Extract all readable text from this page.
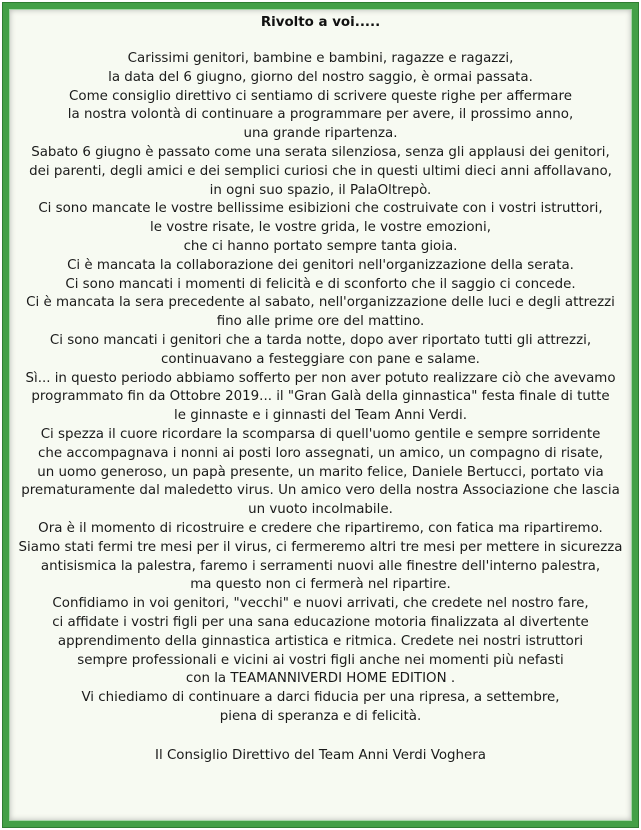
Rivolto a voi.....

Carissimi genitori, bambine e bambini, ragazze e ragazzi,

la data del 6 giugno, giorno del nostro saggio, è ormai passata.

Come consiglio direttivo ci sentiamo di scrivere queste righe per affermare

la nostra volontà di continuare a programmare per avere, il prossimo anno,

una grande ripartenza.

Sabato 6 giugno è passato come una serata silenziosa, senza gli applausi dei genitori,

dei parenti, degli amici e dei semplici curiosi che in questi ultimi dieci anni affollavano,

in ogni suo spazio, il PalaOltrepò.

Ci sono mancate le vostre bellissime esibizioni che costruivate con i vostri istruttori,

le vostre risate, le vostre grida, le vostre emozioni,

che ci hanno portato sempre tanta gioia.

Ci è mancata la collaborazione dei genitori nell'organizzazione della serata.

Ci sono mancati i momenti di felicità e di sconforto che il saggio ci concede.

Ci è mancata la sera precedente al sabato, nell'organizzazione delle luci e degli attrezzi

fino alle prime ore del mattino.

Ci sono mancati i genitori che a tarda notte, dopo aver riportato tutti gli attrezzi,

continuavano a festeggiare con pane e salame.

Sì... in questo periodo abbiamo sofferto per non aver potuto realizzare ciò che avevamo

programmato fin da Ottobre 2019... il "Gran Galà della ginnastica" festa finale di tutte

le ginnaste e i ginnasti del Team Anni Verdi.

Ci spezza il cuore ricordare la scomparsa di quell'uomo gentile e sempre sorridente

che accompagnava i nonni ai posti loro assegnati, un amico, un compagno di risate,

un uomo generoso, un papà presente, un marito felice, Daniele Bertucci, portato via

prematuramente dal maledetto virus. Un amico vero della nostra Associazione che lascia

un vuoto incolmabile.

Ora è il momento di ricostruire e credere che ripartiremo, con fatica ma ripartiremo.

Siamo stati fermi tre mesi per il virus, ci fermeremo altri tre mesi per mettere in sicurezza

antisismica la palestra, faremo i serramenti nuovi alle finestre dell'interno palestra,

ma questo non ci fermerà nel ripartire.

Confidiamo in voi genitori, "vecchi" e nuovi arrivati, che credete nel nostro fare,

ci affidate i vostri figli per una sana educazione motoria finalizzata al divertente

apprendimento della ginnastica artistica e ritmica. Credete nei nostri istruttori

sempre professionali e vicini ai vostri figli anche nei momenti più nefasti

con la TEAMANNIVERDI HOME EDITION .

Vi chiediamo di continuare a darci fiducia per una ripresa, a settembre,

piena di speranza e di felicità.

Il Consiglio Direttivo del Team Anni Verdi Voghera
